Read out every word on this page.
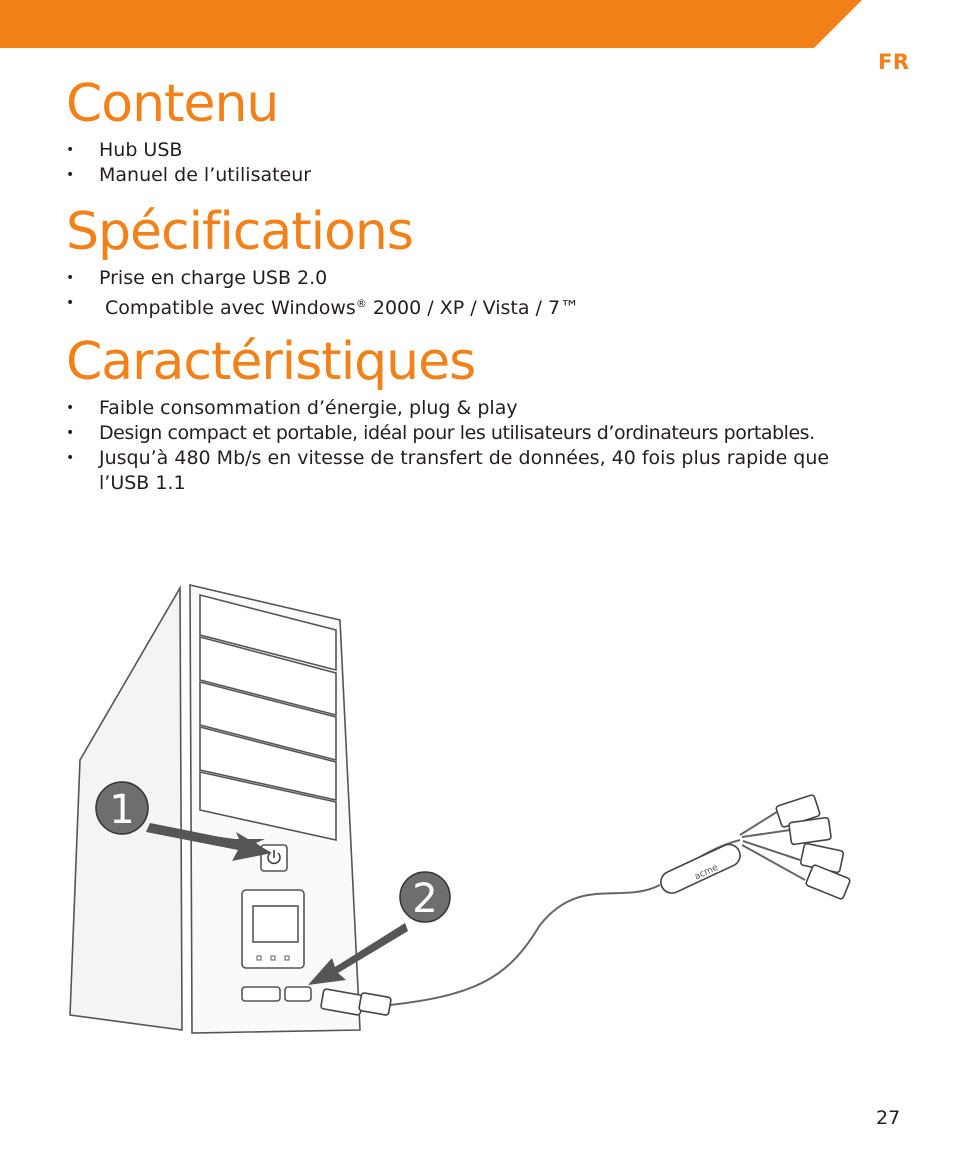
FR
Contenu
• Hub USB
• Manuel de l’utilisateur
Spécifications
• Prise en charge USB 2.0
• Compatible avec Windows® 2000 / XP / Vista / 7™
Caractéristiques
• Faible consommation d’énergie, plug & play
• Design compact et portable, idéal pour les utilisateurs d’ordinateurs portables.
• Jusqu’à 480 Mb/s en vitesse de transfert de données, 40 fois plus rapide que l’USB 1.1
acme
1
2
27
